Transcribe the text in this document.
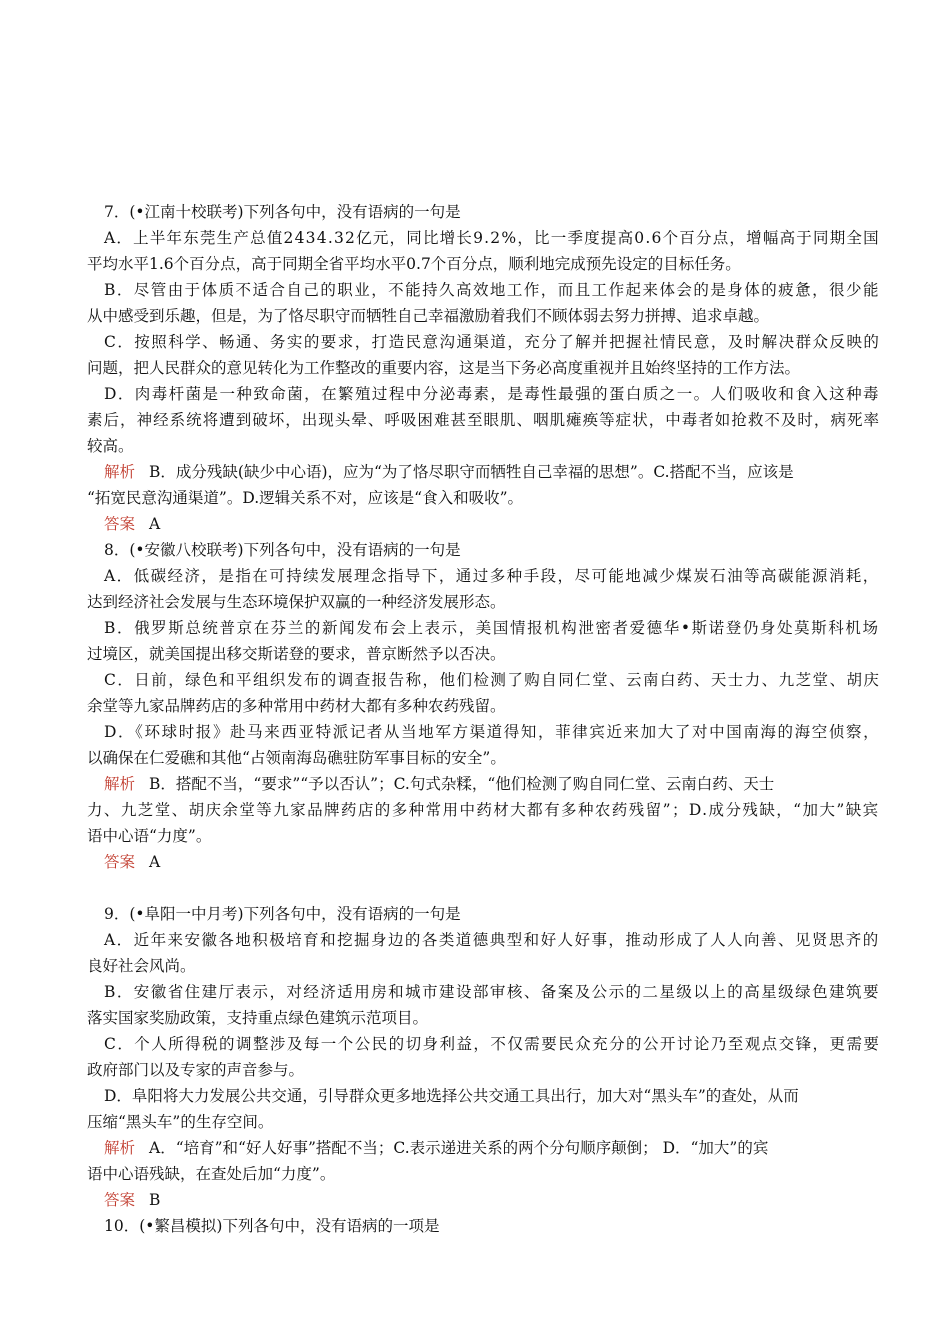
7．(•江南十校联考)下列各句中，没有语病的一句是
A．上半年东莞生产总值2434.32亿元，同比增长9.2%，比一季度提高0.6个百分点，增幅高于同期全国
平均水平1.6个百分点，高于同期全省平均水平0.7个百分点，顺利地完成预先设定的目标任务。
B．尽管由于体质不适合自己的职业，不能持久高效地工作，而且工作起来体会的是身体的疲惫，很少能
从中感受到乐趣，但是，为了恪尽职守而牺牲自己幸福激励着我们不顾体弱去努力拼搏、追求卓越。
C．按照科学、畅通、务实的要求，打造民意沟通渠道，充分了解并把握社情民意，及时解决群众反映的
问题，把人民群众的意见转化为工作整改的重要内容，这是当下务必高度重视并且始终坚持的工作方法。
D．肉毒杆菌是一种致命菌，在繁殖过程中分泌毒素，是毒性最强的蛋白质之一。人们吸收和食入这种毒
素后，神经系统将遭到破坏，出现头晕、呼吸困难甚至眼肌、咽肌瘫痪等症状，中毒者如抢救不及时，病死率
较高。
解析 B．成分残缺(缺少中心语)，应为“为了恪尽职守而牺牲自己幸福的思想”。C.搭配不当，应该是
“拓宽民意沟通渠道”。D.逻辑关系不对，应该是“食入和吸收”。
答案 A
8．(•安徽八校联考)下列各句中，没有语病的一句是
A．低碳经济，是指在可持续发展理念指导下，通过多种手段，尽可能地减少煤炭石油等高碳能源消耗，
达到经济社会发展与生态环境保护双赢的一种经济发展形态。
B．俄罗斯总统普京在芬兰的新闻发布会上表示，美国情报机构泄密者爱德华•斯诺登仍身处莫斯科机场
过境区，就美国提出移交斯诺登的要求，普京断然予以否决。
C．日前，绿色和平组织发布的调查报告称，他们检测了购自同仁堂、云南白药、天士力、九芝堂、胡庆
余堂等九家品牌药店的多种常用中药材大都有多种农药残留。
D．《环球时报》赴马来西亚特派记者从当地军方渠道得知，菲律宾近来加大了对中国南海的海空侦察，
以确保在仁爱礁和其他“占领南海岛礁驻防军事目标的安全”。
解析 B．搭配不当，“要求”“予以否认”；C.句式杂糅，“他们检测了购自同仁堂、云南白药、天士
力、九芝堂、胡庆余堂等九家品牌药店的多种常用中药材大都有多种农药残留”；D.成分残缺，“加大”缺宾
语中心语“力度”。
答案 A
9．(•阜阳一中月考)下列各句中，没有语病的一句是
A．近年来安徽各地积极培育和挖掘身边的各类道德典型和好人好事，推动形成了人人向善、见贤思齐的
良好社会风尚。
B．安徽省住建厅表示，对经济适用房和城市建设部审核、备案及公示的二星级以上的高星级绿色建筑要
落实国家奖励政策，支持重点绿色建筑示范项目。
C．个人所得税的调整涉及每一个公民的切身利益，不仅需要民众充分的公开讨论乃至观点交锋，更需要
政府部门以及专家的声音参与。
D．阜阳将大力发展公共交通，引导群众更多地选择公共交通工具出行，加大对“黑头车”的查处，从而
压缩“黑头车”的生存空间。
解析 A．“培育”和“好人好事”搭配不当；C.表示递进关系的两个分句顺序颠倒； D．“加大”的宾
语中心语残缺，在查处后加“力度”。
答案 B
10．(•繁昌模拟)下列各句中，没有语病的一项是
